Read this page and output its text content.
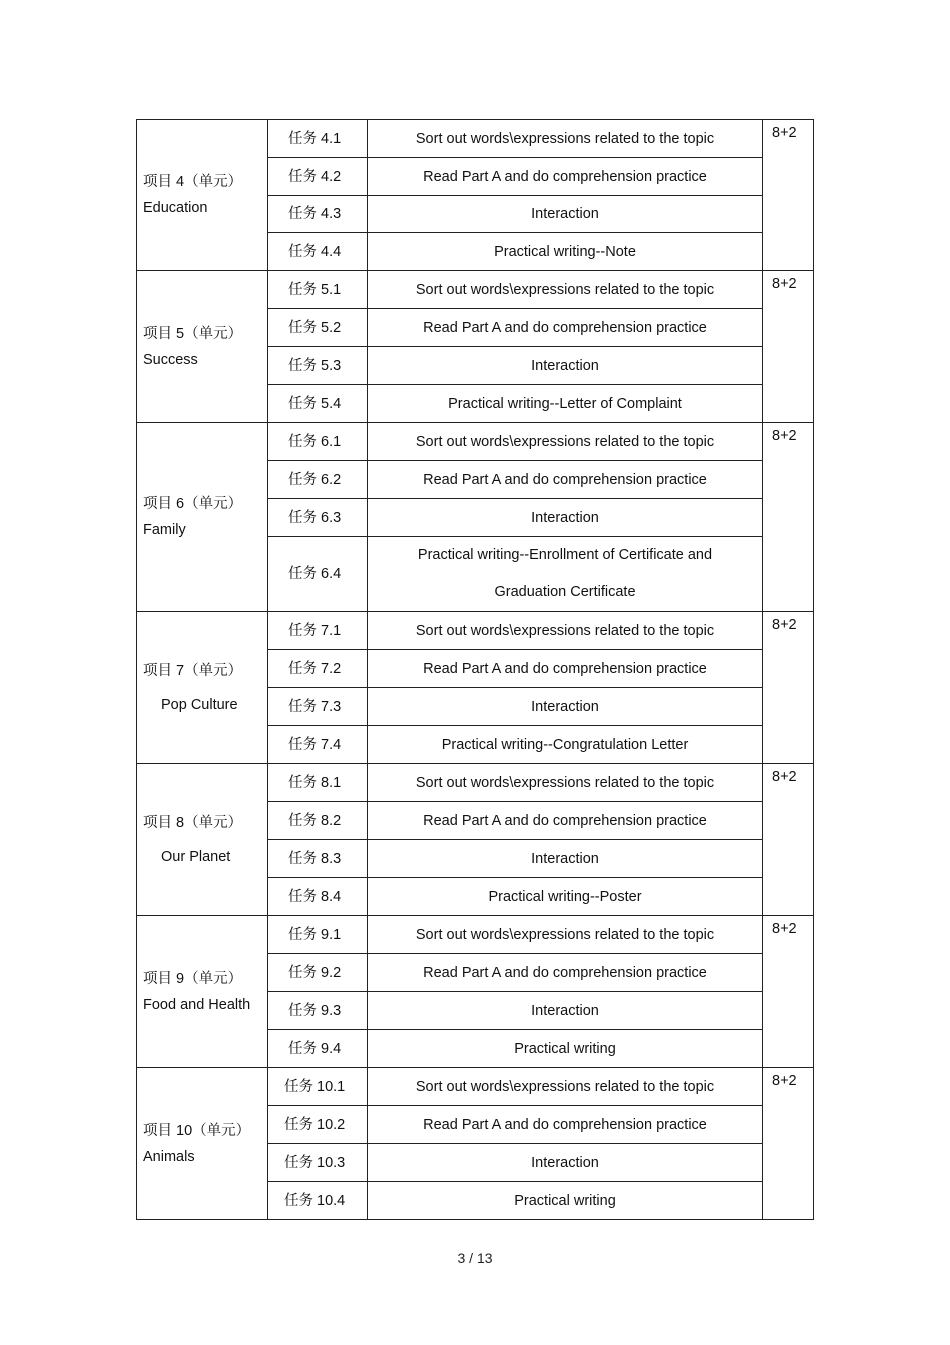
项目 4（单元）
Education	任务 4.1	Sort out words\expressions related to the topic	8+2
	任务 4.2	Read Part A and do comprehension practice	
	任务 4.3	Interaction	
	任务 4.4	Practical writing--Note	
项目 5（单元）
Success	任务 5.1	Sort out words\expressions related to the topic	8+2
	任务 5.2	Read Part A and do comprehension practice	
	任务 5.3	Interaction	
	任务 5.4	Practical writing--Letter of Complaint	
项目 6（单元）
Family	任务 6.1	Sort out words\expressions related to the topic	8+2
	任务 6.2	Read Part A and do comprehension practice	
	任务 6.3	Interaction	
	任务 6.4	Practical writing--Enrollment of Certificate and
Graduation Certificate	

项目 7（单元）
Pop Culture	任务 7.1	Sort out words\expressions related to the topic	8+2
	任务 7.2	Read Part A and do comprehension practice	
	任务 7.3	Interaction	
	任务 7.4	Practical writing--Congratulation Letter	
项目 8（单元）
Our Planet	任务 8.1	Sort out words\expressions related to the topic	8+2
	任务 8.2	Read Part A and do comprehension practice	
	任务 8.3	Interaction	
	任务 8.4	Practical writing--Poster	
项目 9（单元）
Food and Health	任务 9.1	Sort out words\expressions related to the topic	8+2
	任务 9.2	Read Part A and do comprehension practice	
	任务 9.3	Interaction	
	任务 9.4	Practical writing	
项目 10（单元）
Animals	任务 10.1	Sort out words\expressions related to the topic	8+2
	任务 10.2	Read Part A and do comprehension practice	
	任务 10.3	Interaction	
	任务 10.4	Practical writing	
3 / 13
